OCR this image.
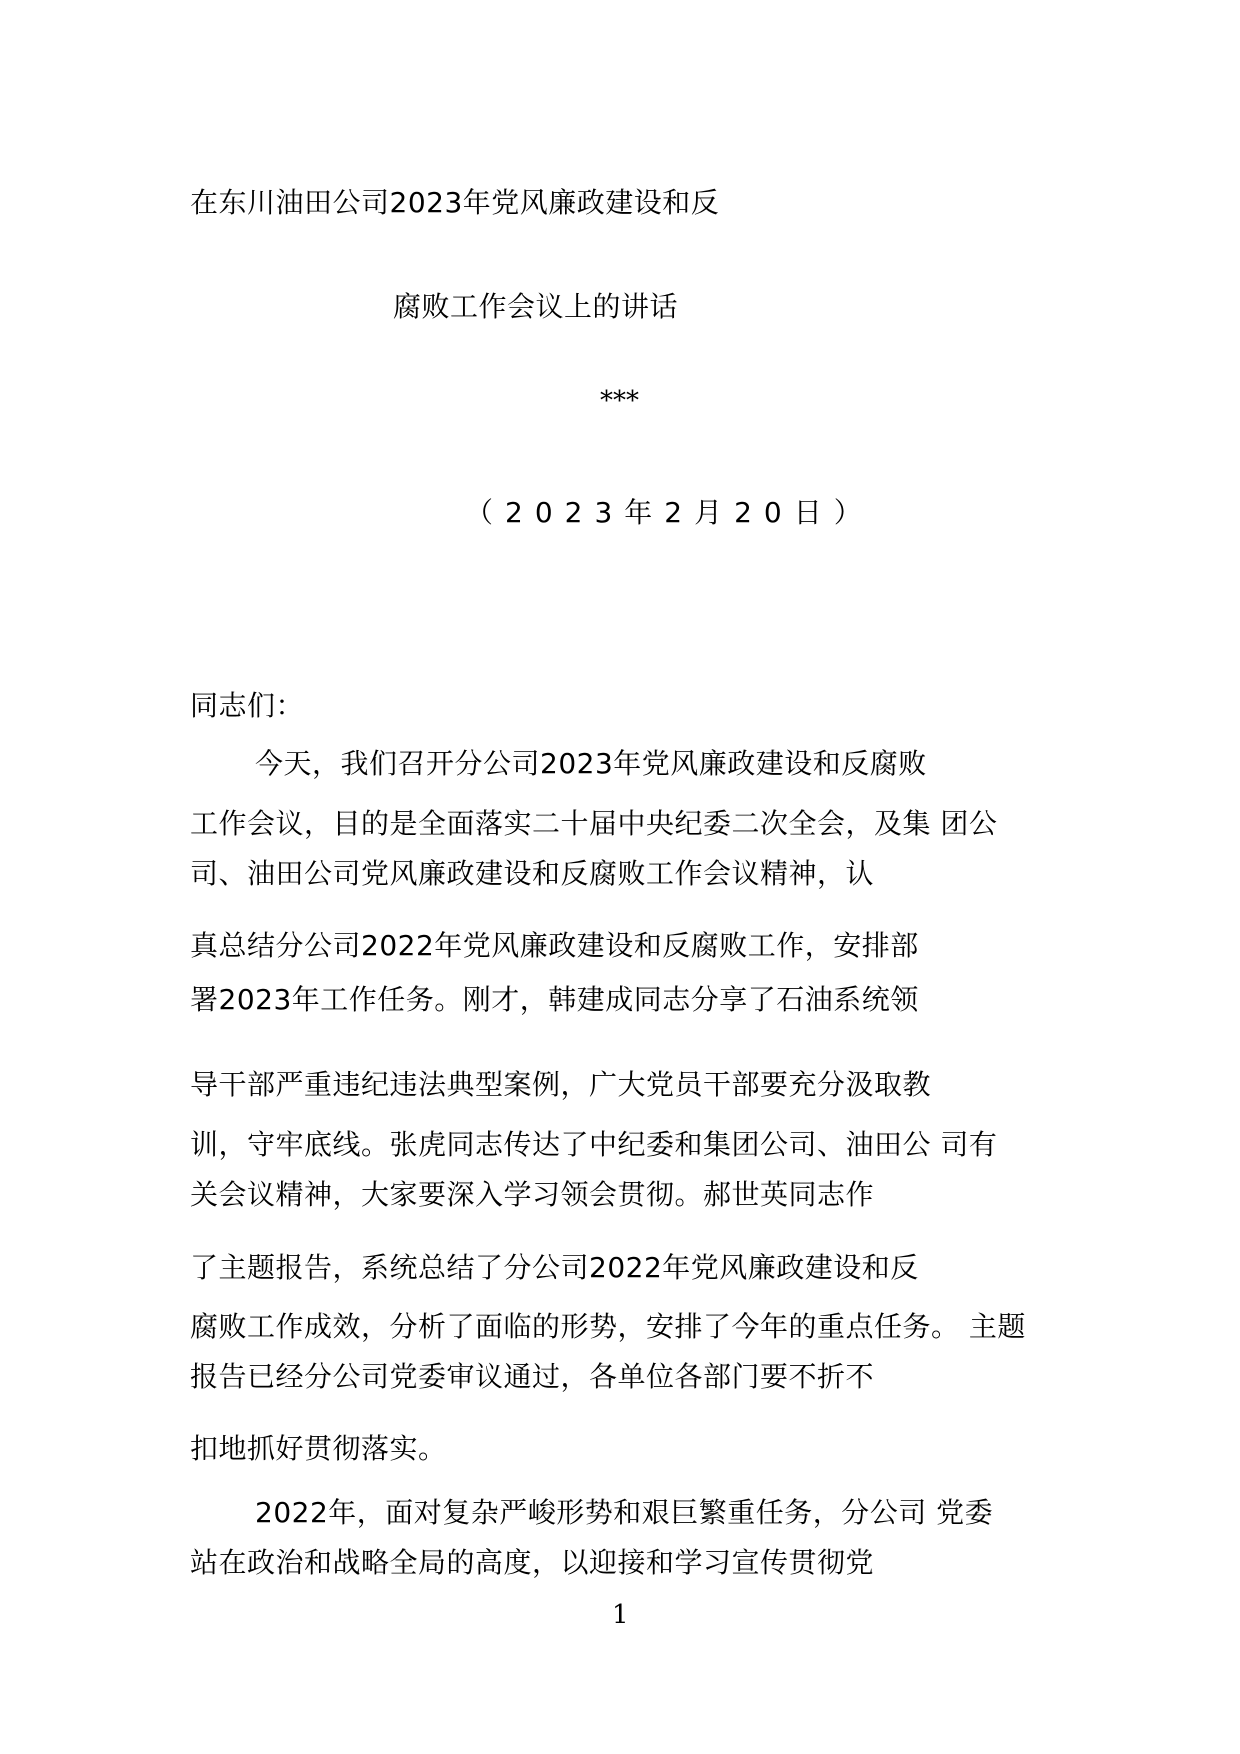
在东川油田公司2023年党风廉政建设和反

腐败工作会议上的讲话

***

（2023年2月20日）

同志们：

今天，我们召开分公司2023年党风廉政建设和反腐败

工作会议，目的是全面落实二十届中央纪委二次全会，及集 团公

司、油田公司党风廉政建设和反腐败工作会议精神，认

真总结分公司2022年党风廉政建设和反腐败工作，安排部

署2023年工作任务。刚才，韩建成同志分享了石油系统领

导干部严重违纪违法典型案例，广大党员干部要充分汲取教

训，守牢底线。张虎同志传达了中纪委和集团公司、油田公 司有

关会议精神，大家要深入学习领会贯彻。郝世英同志作

了主题报告，系统总结了分公司2022年党风廉政建设和反

腐败工作成效，分析了面临的形势，安排了今年的重点任务。 主题

报告已经分公司党委审议通过，各单位各部门要不折不

扣地抓好贯彻落实。

2022年，面对复杂严峻形势和艰巨繁重任务，分公司 党委

站在政治和战略全局的高度，以迎接和学习宣传贯彻党

1
